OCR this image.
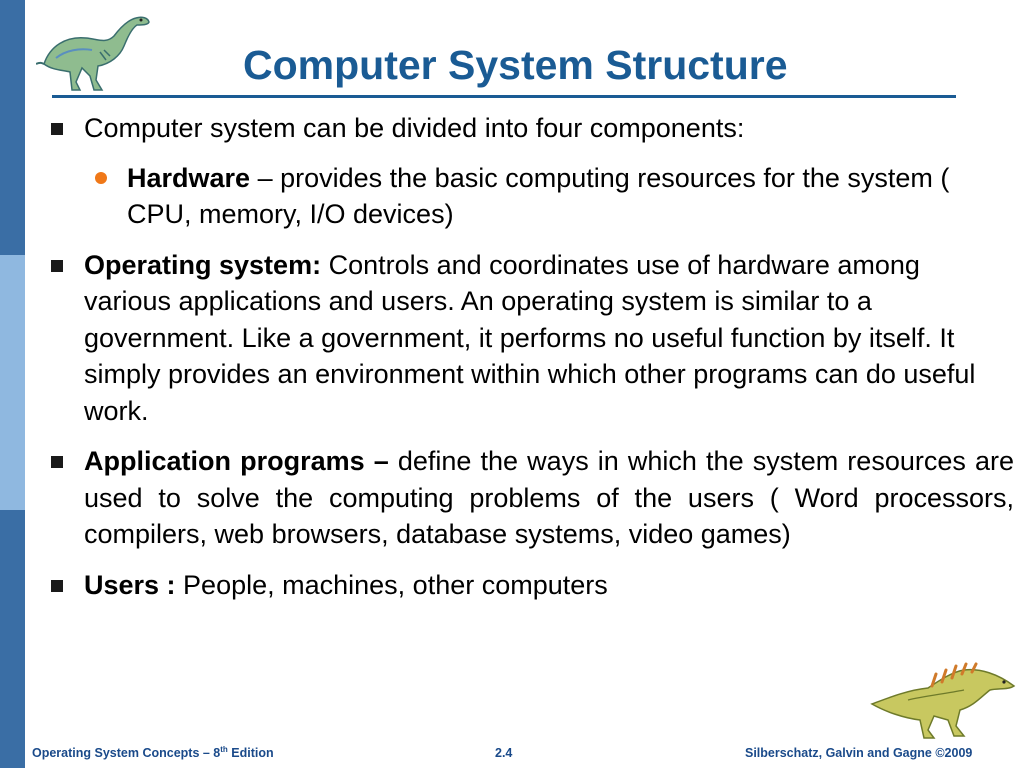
Computer System Structure
Computer system can be divided into four components:
Hardware – provides the basic computing resources for the system ( CPU, memory, I/O devices)
Operating system: Controls and coordinates use of hardware among various applications and users. An operating system is similar to a government. Like a government, it performs no useful function by itself. It simply provides an environment within which other programs can do useful work.
Application programs – define the ways in which the system resources are used to solve the computing problems of the users ( Word processors, compilers, web browsers, database systems, video games)
Users : People, machines, other computers
Operating System Concepts – 8th Edition	2.4	Silberschatz, Galvin and Gagne ©2009
